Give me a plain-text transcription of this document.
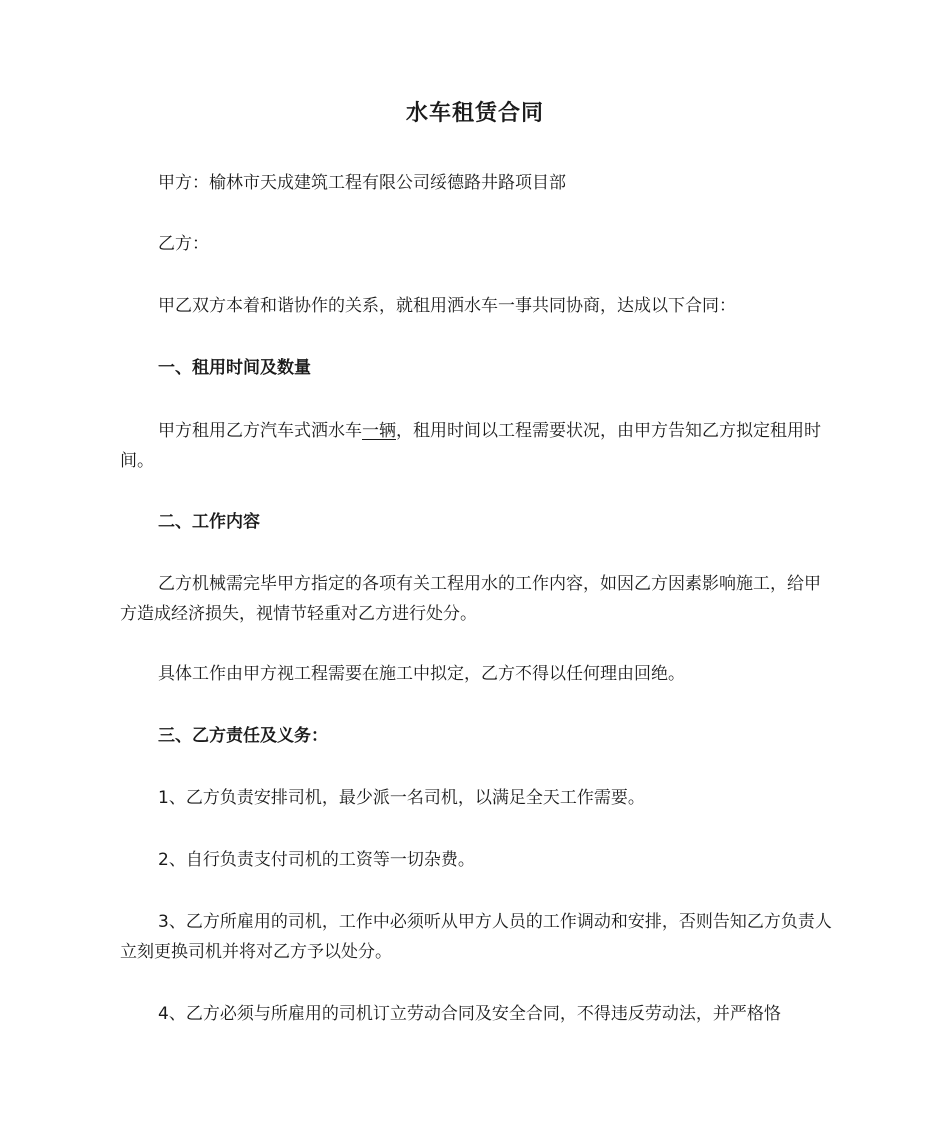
水车租赁合同

甲方：榆林市天成建筑工程有限公司绥德路井路项目部

乙方：

甲乙双方本着和谐协作的关系，就租用洒水车一事共同协商，达成以下合同：

一、租用时间及数量

甲方租用乙方汽车式洒水车一辆，租用时间以工程需要状况，由甲方告知乙方拟定租用时间。

二、工作内容

乙方机械需完毕甲方指定的各项有关工程用水的工作内容，如因乙方因素影响施工，给甲方造成经济损失，视情节轻重对乙方进行处分。

具体工作由甲方视工程需要在施工中拟定，乙方不得以任何理由回绝。

三、乙方责任及义务：

1、乙方负责安排司机，最少派一名司机，以满足全天工作需要。

2、自行负责支付司机的工资等一切杂费。

3、乙方所雇用的司机，工作中必须听从甲方人员的工作调动和安排，否则告知乙方负责人立刻更换司机并将对乙方予以处分。

4、乙方必须与所雇用的司机订立劳动合同及安全合同，不得违反劳动法，并严格恪
